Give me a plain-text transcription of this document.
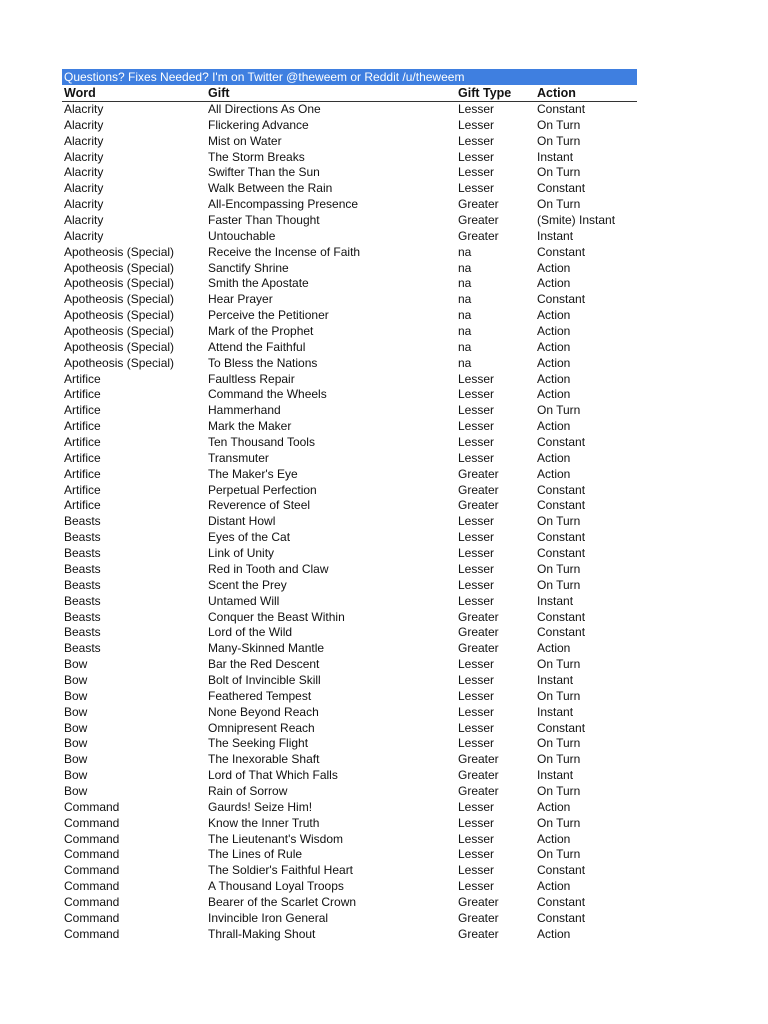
Questions? Fixes Needed? I'm on Twitter @theweem or Reddit /u/theweem
Word	Gift	Gift Type	Action
Alacrity	All Directions As One	Lesser	Constant
Alacrity	Flickering Advance	Lesser	On Turn
Alacrity	Mist on Water	Lesser	On Turn
Alacrity	The Storm Breaks	Lesser	Instant
Alacrity	Swifter Than the Sun	Lesser	On Turn
Alacrity	Walk Between the Rain	Lesser	Constant
Alacrity	All-Encompassing Presence	Greater	On Turn
Alacrity	Faster Than Thought	Greater	(Smite) Instant
Alacrity	Untouchable	Greater	Instant
Apotheosis (Special)	Receive the Incense of Faith	na	Constant
Apotheosis (Special)	Sanctify Shrine	na	Action
Apotheosis (Special)	Smith the Apostate	na	Action
Apotheosis (Special)	Hear Prayer	na	Constant
Apotheosis (Special)	Perceive the Petitioner	na	Action
Apotheosis (Special)	Mark of the Prophet	na	Action
Apotheosis (Special)	Attend the Faithful	na	Action
Apotheosis (Special)	To Bless the Nations	na	Action
Artifice	Faultless Repair	Lesser	Action
Artifice	Command the Wheels	Lesser	Action
Artifice	Hammerhand	Lesser	On Turn
Artifice	Mark the Maker	Lesser	Action
Artifice	Ten Thousand Tools	Lesser	Constant
Artifice	Transmuter	Lesser	Action
Artifice	The Maker's Eye	Greater	Action
Artifice	Perpetual Perfection	Greater	Constant
Artifice	Reverence of Steel	Greater	Constant
Beasts	Distant Howl	Lesser	On Turn
Beasts	Eyes of the Cat	Lesser	Constant
Beasts	Link of Unity	Lesser	Constant
Beasts	Red in Tooth and Claw	Lesser	On Turn
Beasts	Scent the Prey	Lesser	On Turn
Beasts	Untamed Will	Lesser	Instant
Beasts	Conquer the Beast Within	Greater	Constant
Beasts	Lord of the Wild	Greater	Constant
Beasts	Many-Skinned Mantle	Greater	Action
Bow	Bar the Red Descent	Lesser	On Turn
Bow	Bolt of Invincible Skill	Lesser	Instant
Bow	Feathered Tempest	Lesser	On Turn
Bow	None Beyond Reach	Lesser	Instant
Bow	Omnipresent Reach	Lesser	Constant
Bow	The Seeking Flight	Lesser	On Turn
Bow	The Inexorable Shaft	Greater	On Turn
Bow	Lord of That Which Falls	Greater	Instant
Bow	Rain of Sorrow	Greater	On Turn
Command	Gaurds! Seize Him!	Lesser	Action
Command	Know the Inner Truth	Lesser	On Turn
Command	The Lieutenant's Wisdom	Lesser	Action
Command	The Lines of Rule	Lesser	On Turn
Command	The Soldier's Faithful Heart	Lesser	Constant
Command	A Thousand Loyal Troops	Lesser	Action
Command	Bearer of the Scarlet Crown	Greater	Constant
Command	Invincible Iron General	Greater	Constant
Command	Thrall-Making Shout	Greater	Action
